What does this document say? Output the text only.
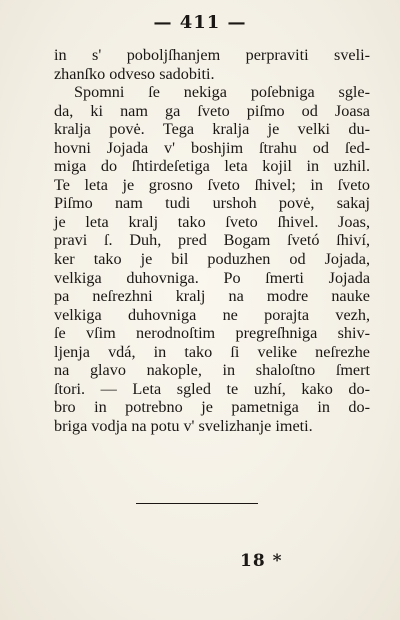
— 411 —
in s' poboljſhanjem perpraviti sveli-
zhanſko odveso sadobiti.
Spomni ſe nekiga poſebniga sgle-
da, ki nam ga ſveto piſmo od Joasa
kralja povė. Tega kralja je velki du-
hovni Jojada v' boshjim ſtrahu od ſed-
miga do ſhtirdeſetiga leta kojil in uzhil.
Te leta je grosno ſveto ſhivel; in ſveto
Piſmo nam tudi urshoh povė, sakaj
je leta kralj tako ſveto ſhivel. Joas,
pravi ſ. Duh, pred Bogam ſvetó ſhiví,
ker tako je bil poduzhen od Jojada,
velkiga duhovniga. Po ſmerti Jojada
pa neſrezhni kralj na modre nauke
velkiga duhovniga ne porajta vezh,
ſe vſim nerodnoſtim pregreſhniga shiv-
ljenja vdá, in tako ſi velike neſrezhe
na glavo nakople, in shaloſtno ſmert
ſtori. — Leta sgled te uzhí, kako do-
bro in potrebno je pametniga in do-
briga vodja na potu v' svelizhanje imeti.
18 *
